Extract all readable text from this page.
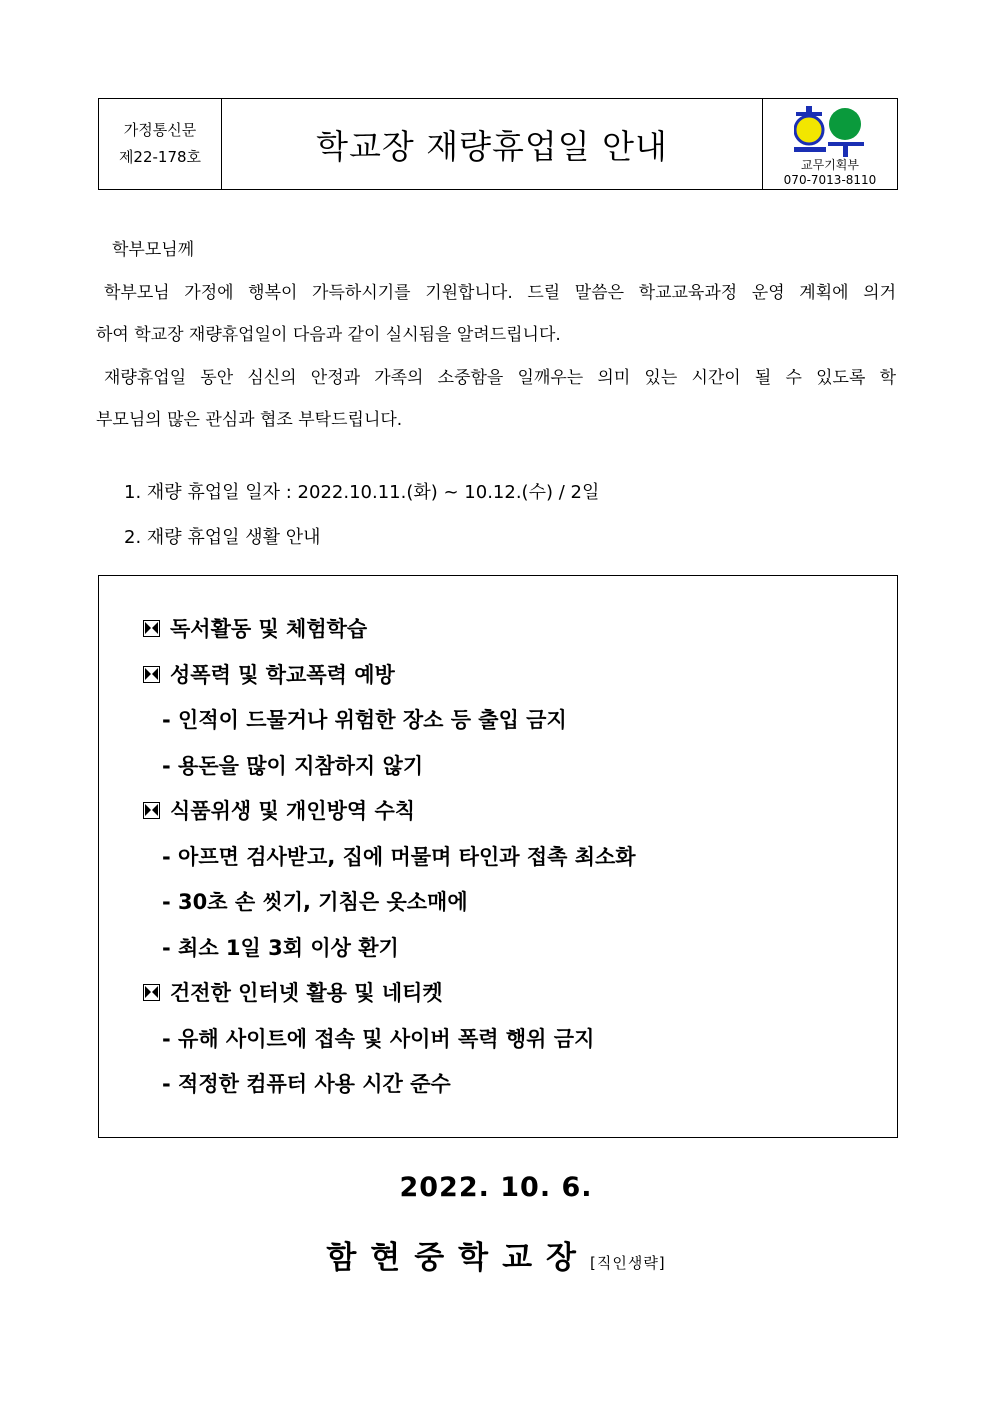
가정통신문
제22-178호	학교장 재량휴업일 안내	교무기획부
070-7013-8110
학부모님께
학부모님 가정에 행복이 가득하시기를 기원합니다. 드릴 말씀은 학교교육과정 운영 계획에 의거
하여 학교장 재량휴업일이 다음과 같이 실시됨을 알려드립니다.
재량휴업일 동안 심신의 안정과 가족의 소중함을 일깨우는 의미 있는 시간이 될 수 있도록 학
부모님의 많은 관심과 협조 부탁드립니다.
1. 재량 휴업일 일자 : 2022.10.11.(화) ~ 10.12.(수) / 2일
2. 재량 휴업일 생활 안내
독서활동 및 체험학습
성폭력 및 학교폭력 예방
- 인적이 드물거나 위험한 장소 등 출입 금지
- 용돈을 많이 지참하지 않기
식품위생 및 개인방역 수칙
- 아프면 검사받고, 집에 머물며 타인과 접촉 최소화
- 30초 손 씻기, 기침은 옷소매에
- 최소 1일 3회 이상 환기
건전한 인터넷 활용 및 네티켓
- 유해 사이트에 접속 및 사이버 폭력 행위 금지
- 적정한 컴퓨터 사용 시간 준수
2022. 10. 6.
함현중학교장[직인생략]
